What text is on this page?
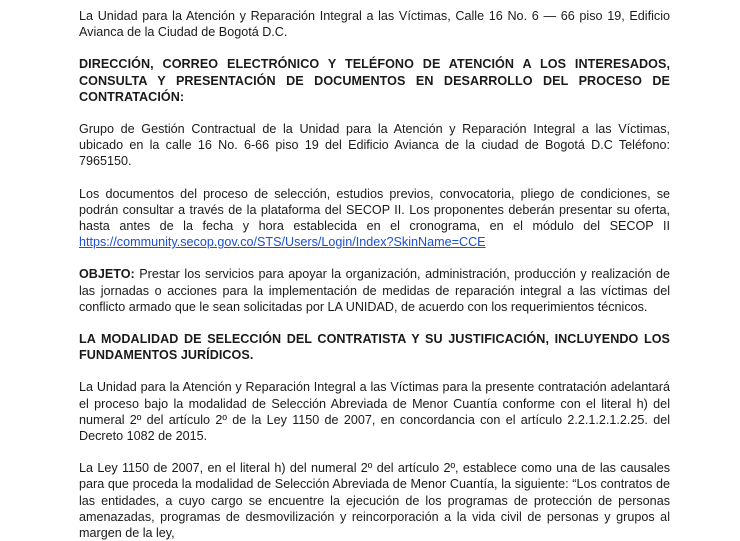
La Unidad para la Atención y Reparación Integral a las Víctimas, Calle 16 No. 6 — 66 piso 19, Edificio Avianca de la Ciudad de Bogotá D.C.

DIRECCIÓN, CORREO ELECTRÓNICO Y TELÉFONO DE ATENCIÓN A LOS INTERESADOS, CONSULTA Y PRESENTACIÓN DE DOCUMENTOS EN DESARROLLO DEL PROCESO DE CONTRATACIÓN:

Grupo de Gestión Contractual de la Unidad para la Atención y Reparación Integral a las Víctimas, ubicado en la calle 16 No. 6-66 piso 19 del Edificio Avianca de la ciudad de Bogotá D.C Teléfono: 7965150.

Los documentos del proceso de selección, estudios previos, convocatoria, pliego de condiciones, se podrán consultar a través de la plataforma del SECOP II. Los proponentes deberán presentar su oferta, hasta antes de la fecha y hora establecida en el cronograma, en el módulo del SECOP II https://community.secop.gov.co/STS/Users/Login/Index?SkinName=CCE

OBJETO: Prestar los servicios para apoyar la organización, administración, producción y realización de las jornadas o acciones para la implementación de medidas de reparación integral a las víctimas del conflicto armado que le sean solicitadas por LA UNIDAD, de acuerdo con los requerimientos técnicos.

LA MODALIDAD DE SELECCIÓN DEL CONTRATISTA Y SU JUSTIFICACIÓN, INCLUYENDO LOS FUNDAMENTOS JURÍDICOS.

La Unidad para la Atención y Reparación Integral a las Víctimas para la presente contratación adelantará el proceso bajo la modalidad de Selección Abreviada de Menor Cuantía conforme con el literal h) del numeral 2º del artículo 2º de la Ley 1150 de 2007, en concordancia con el artículo 2.2.1.2.1.2.25. del Decreto 1082 de 2015.

La Ley 1150 de 2007, en el literal h) del numeral 2º del artículo 2º, establece como una de las causales para que proceda la modalidad de Selección Abreviada de Menor Cuantía, la siguiente: “Los contratos de las entidades, a cuyo cargo se encuentre la ejecución de los programas de protección de personas amenazadas, programas de desmovilización y reincorporación a la vida civil de personas y grupos al margen de la ley,
